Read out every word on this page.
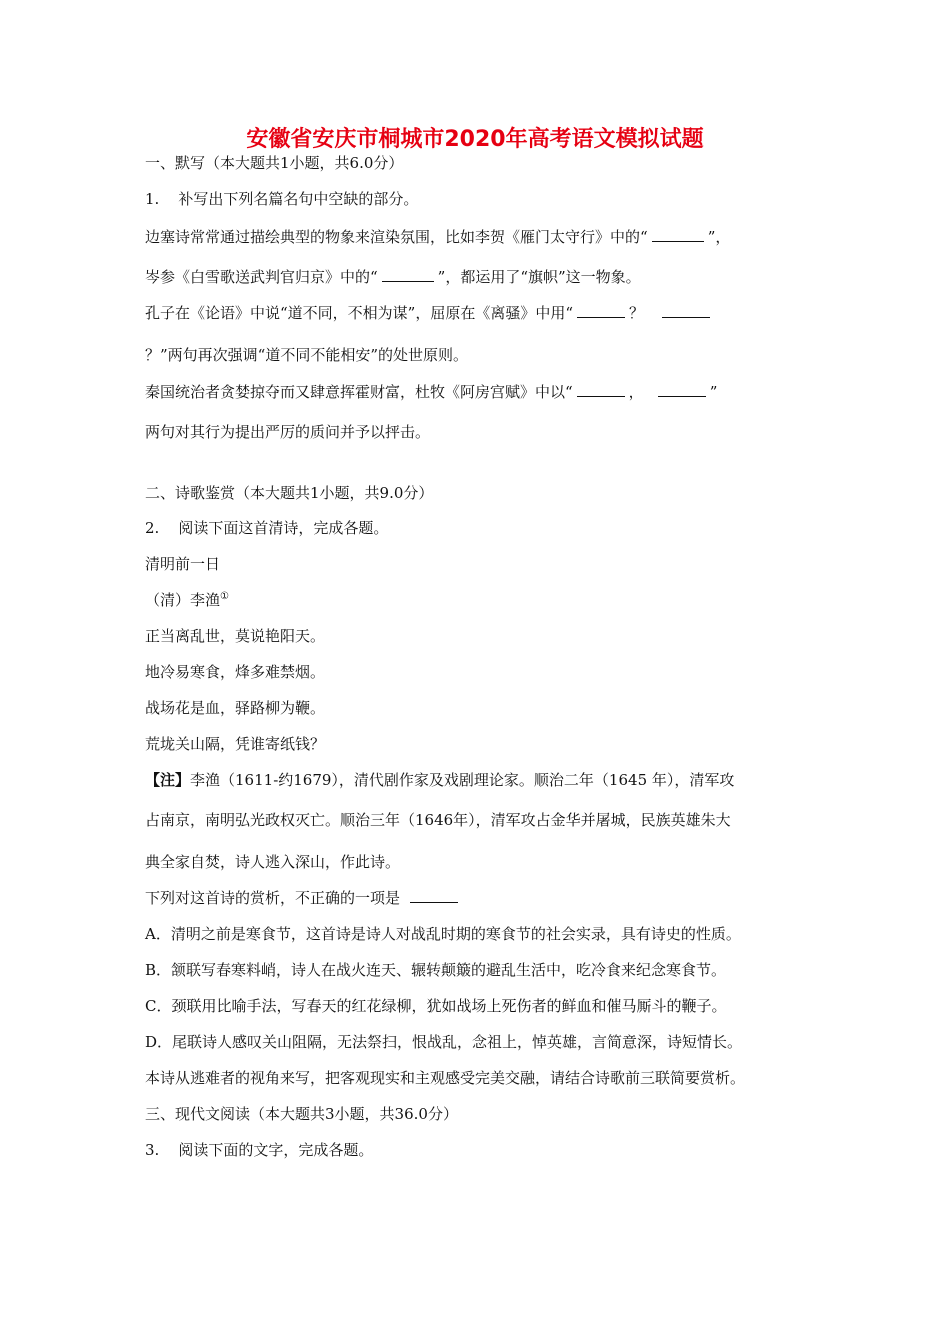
安徽省安庆市桐城市2020年高考语文模拟试题
一、默写（本大题共1小题，共6.0分）
1. 补写出下列名篇名句中空缺的部分。
边塞诗常常通过描绘典型的物象来渲染氛围，比如李贺《雁门太守行》中的“	”，
岑参《白雪歌送武判官归京》中的“	”，都运用了“旗帜”这一物象。
孔子在《论语》中说“道不同，不相为谋”，屈原在《离骚》中用“	？
？”两句再次强调“道不同不能相安”的处世原则。
秦国统治者贪婪掠夺而又肆意挥霍财富，杜牧《阿房宫赋》中以“	，	”
两句对其行为提出严厉的质问并予以抨击。
二、诗歌鉴赏（本大题共1小题，共9.0分）
2. 阅读下面这首清诗，完成各题。
清明前一日
（清）李渔①
正当离乱世，莫说艳阳天。
地冷易寒食，烽多难禁烟。
战场花是血，驿路柳为鞭。
荒垅关山隔，凭谁寄纸钱？
【注】李渔（1611-约1679），清代剧作家及戏剧理论家。顺治二年（1645 年），清军攻
占南京，南明弘光政权灭亡。顺治三年（1646年），清军攻占金华并屠城，民族英雄朱大
典全家自焚，诗人逃入深山，作此诗。
下列对这首诗的赏析，不正确的一项是
A．清明之前是寒食节，这首诗是诗人对战乱时期的寒食节的社会实录，具有诗史的性质。
B．颔联写春寒料峭，诗人在战火连天、辗转颠簸的避乱生活中，吃冷食来纪念寒食节。
C．颈联用比喻手法，写春天的红花绿柳，犹如战场上死伤者的鲜血和催马厮斗的鞭子。
D．尾联诗人感叹关山阻隔，无法祭扫，恨战乱，念祖上，悼英雄，言简意深，诗短情长。
本诗从逃难者的视角来写，把客观现实和主观感受完美交融，请结合诗歌前三联简要赏析。
三、现代文阅读（本大题共3小题，共36.0分）
3. 阅读下面的文字，完成各题。
